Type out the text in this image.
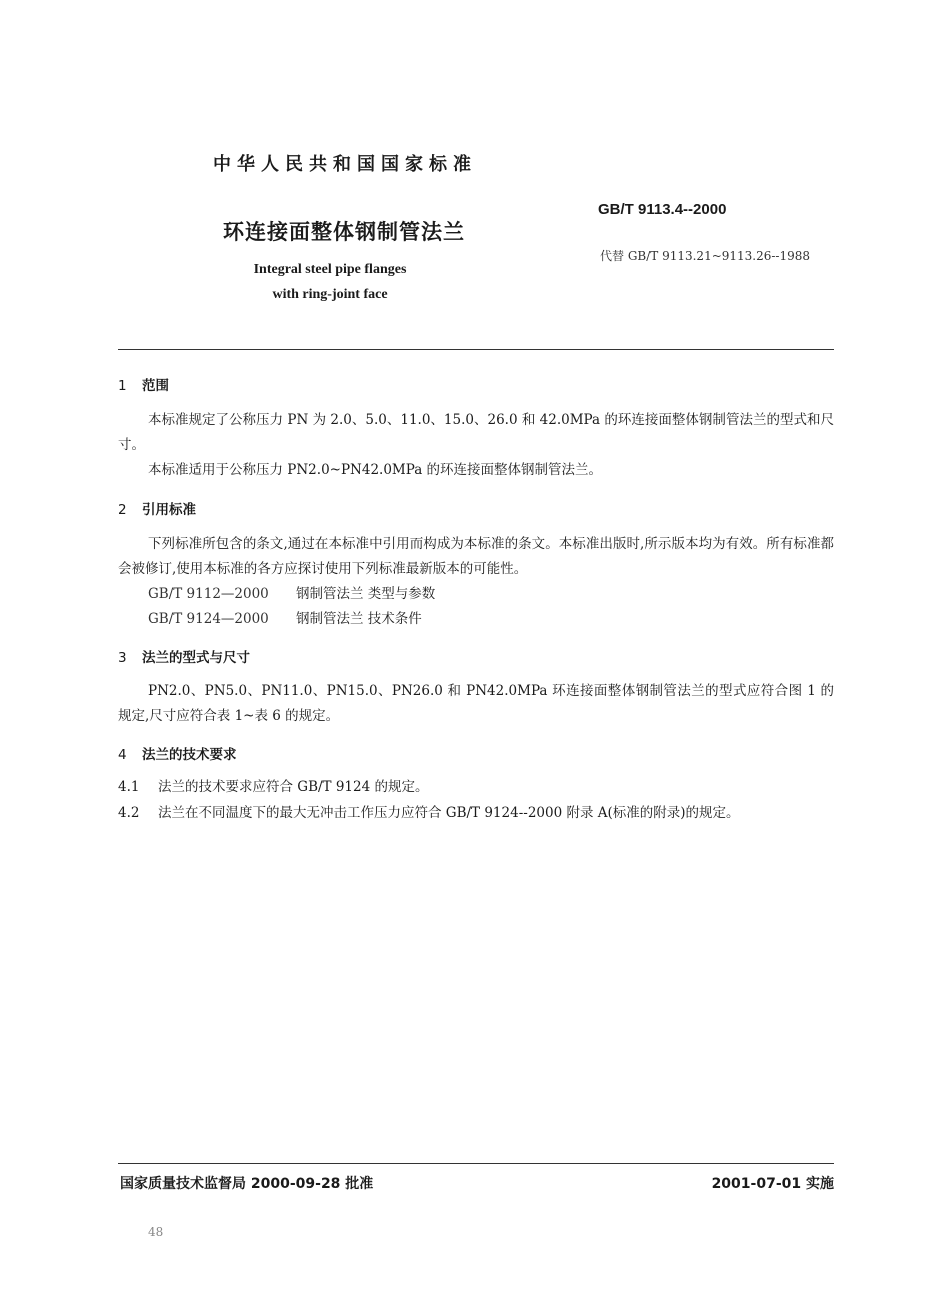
中华人民共和国国家标准
GB/T 9113.4--2000
环连接面整体钢制管法兰
代替 GB/T 9113.21~9113.26--1988
Integral steel pipe flanges
with ring-joint face
1 范围

本标准规定了公称压力 PN 为 2.0、5.0、11.0、15.0、26.0 和 42.0MPa 的环连接面整体钢制管法兰的型式和尺寸。

本标准适用于公称压力 PN2.0~PN42.0MPa 的环连接面整体钢制管法兰。

2 引用标准

下列标准所包含的条文,通过在本标准中引用而构成为本标准的条文。本标准出版时,所示版本均为有效。所有标准都会被修订,使用本标准的各方应探讨使用下列标准最新版本的可能性。

GB/T 9112—2000 钢制管法兰 类型与参数
GB/T 9124—2000 钢制管法兰 技术条件
3 法兰的型式与尺寸

PN2.0、PN5.0、PN11.0、PN15.0、PN26.0 和 PN42.0MPa 环连接面整体钢制管法兰的型式应符合图 1 的规定,尺寸应符合表 1~表 6 的规定。

4 法兰的技术要求

4.1 法兰的技术要求应符合 GB/T 9124 的规定。

4.2 法兰在不同温度下的最大无冲击工作压力应符合 GB/T 9124--2000 附录 A(标准的附录)的规定。

国家质量技术监督局 2000-09-28 批准	2001-07-01 实施
48
